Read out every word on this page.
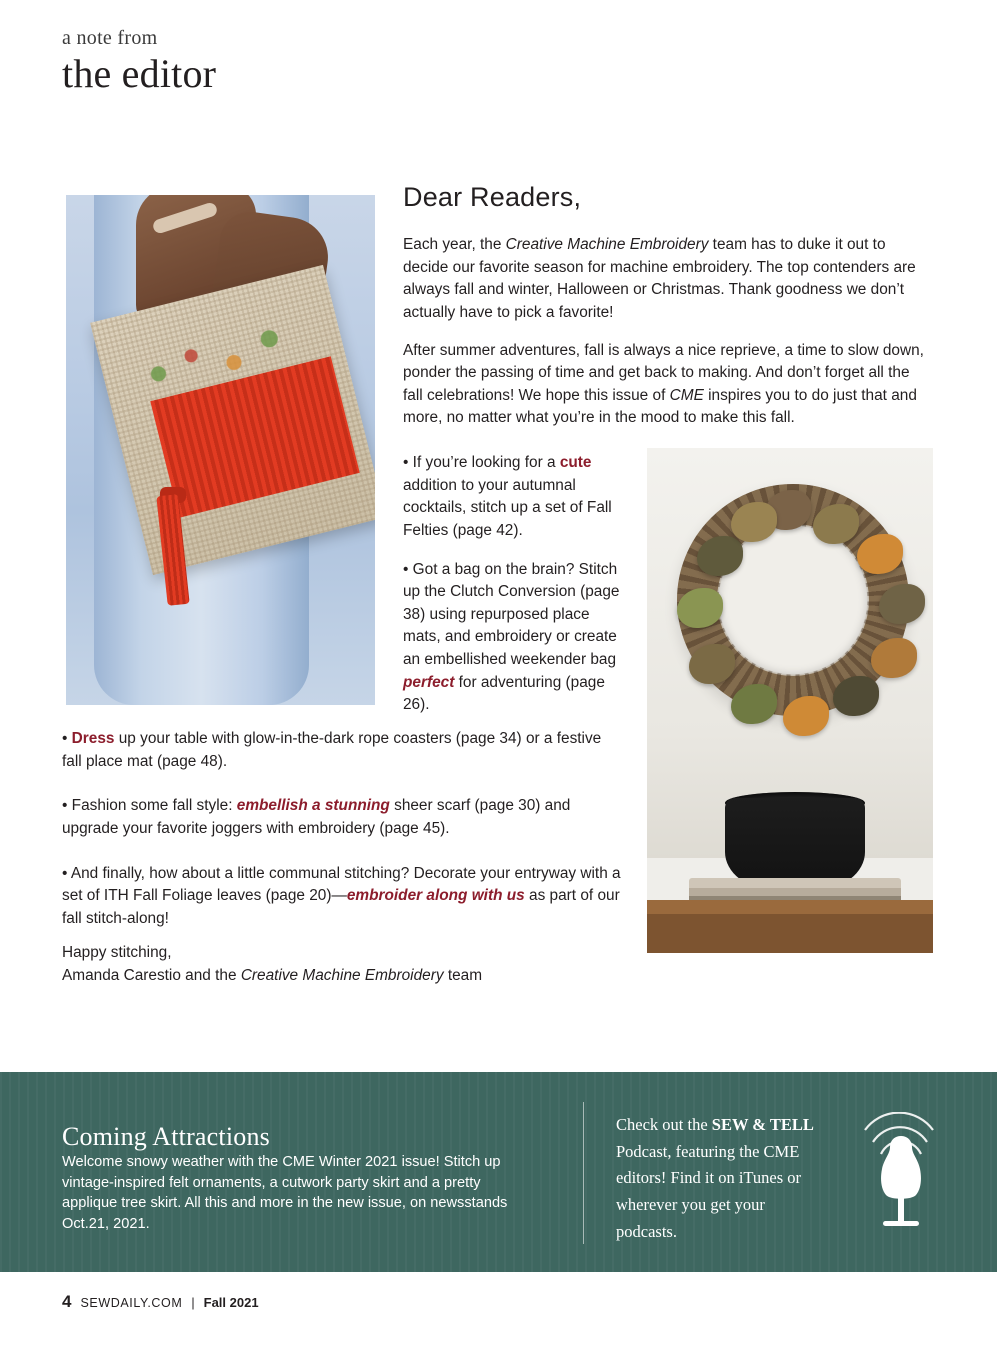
a note from
the editor
Dear Readers,

Each year, the Creative Machine Embroidery team has to duke it out to decide our favorite season for machine embroidery. The top contenders are always fall and winter, Halloween or Christmas. Thank goodness we don’t actually have to pick a favorite!

After summer adventures, fall is always a nice reprieve, a time to slow down, ponder the passing of time and get back to making. And don’t forget all the fall celebrations! We hope this issue of CME inspires you to do just that and more, no matter what you’re in the mood to make this fall.

• If you’re looking for a cute addition to your autumnal cocktails, stitch up a set of Fall Felties (page 42).

• Got a bag on the brain? Stitch up the Clutch Conversion (page 38) using repurposed place mats, and embroidery or create an embellished weekender bag perfect for adventuring (page 26).

• Dress up your table with glow-in-the-dark rope coasters (page 34) or a festive fall place mat (page 48).

• Fashion some fall style: embellish a stunning sheer scarf (page 30) and upgrade your favorite joggers with embroidery (page 45).

• And finally, how about a little communal stitching? Decorate your entryway with a set of ITH Fall Foliage leaves (page 20)—embroider along with us as part of our fall stitch-along!

Happy stitching,
Amanda Carestio and the Creative Machine Embroidery team
Coming Attractions
Welcome snowy weather with the CME Winter 2021 issue! Stitch up vintage-inspired felt ornaments, a cutwork party skirt and a pretty applique tree skirt. All this and more in the new issue, on newsstands Oct.21, 2021.
Check out the SEW & TELL Podcast, featuring the CME editors! Find it on iTunes or wherever you get your podcasts.
4 SEWDAILY.COM | Fall 2021
